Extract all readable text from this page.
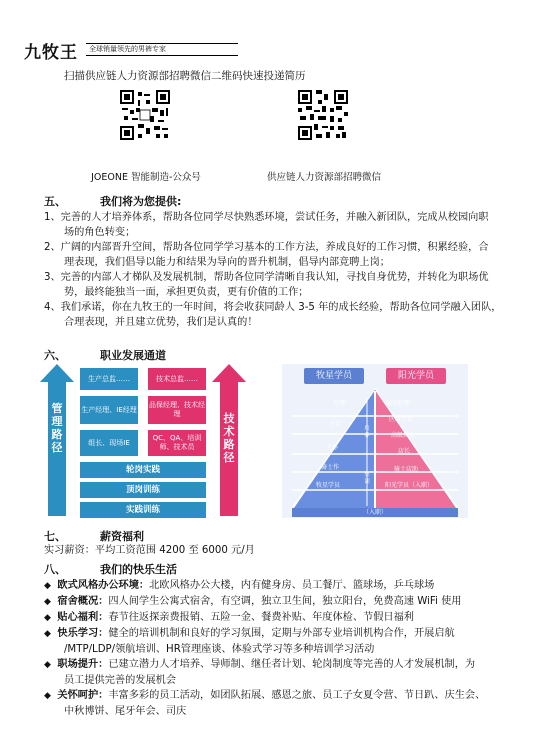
九牧王	全球销量领先的男裤专家
扫描供应链人力资源部招聘微信二维码快速投递简历
JOEONE 智能制造-公众号	供应链人力资源部招聘微信
五、	我们将为您提供:
1、完善的人才培养体系，帮助各位同学尽快熟悉环境，尝试任务，并融入新团队，完成从校园向职
场的角色转变；
2、广阔的内部晋升空间，帮助各位同学学习基本的工作方法，养成良好的工作习惯，积累经验，合
理表现，我们倡导以能力和结果为导向的晋升机制，倡导内部竞聘上岗；
3、完善的内部人才梯队及发展机制，帮助各位同学清晰自我认知，寻找自身优势，并转化为职场优
势，最终能独当一面，承担更负责，更有价值的工作；
4、我们承诺，你在九牧王的一年时间，将会收获同龄人 3-5 年的成长经验，帮助各位同学融入团队，
合理表现，并且建立优势，我们是认真的！
六、	职业发展通道
管理路径
技术路径
生产总监……
生产经理、IE经理
组长、现场IE
技术总监……
品保经理、技术经理
QC、QA、培训师、技术员
轮岗实践
顶岗训练
实践训练
牧星学员	阳光学员
经理
主管
主办
骑士作
牧星学员
城市经理
区域主管
高级店长
店长
骑士店助
阳光学员（入职）
培养
集训
（入职）
七、	薪资福利
实习薪资：平均工资范围 4200 至 6000 元/月
八、	我们的快乐生活
◆ 欧式风格办公环境：北欧风格办公大楼，内有健身房、员工餐厅、篮球场，乒乓球场
◆ 宿舍概况：四人间学生公寓式宿舍，有空调，独立卫生间，独立阳台，免费高速 WiFi 使用
◆ 贴心福利：春节往返探亲费报销、五险一金、餐费补贴、年度体检、节假日福利
◆ 快乐学习：健全的培训机制和良好的学习氛围，定期与外部专业培训机构合作，开展启航
/MTP/LDP/领航培训、HR管理座谈、体验式学习等多种培训学习活动
◆ 职场提升：已建立潜力人才培养、导师制、继任者计划、轮岗制度等完善的人才发展机制，为
员工提供完善的发展机会
◆ 关怀呵护：丰富多彩的员工活动，如团队拓展、感恩之旅、员工子女夏令营、节日趴、庆生会、
中秋博饼、尾牙年会、司庆
